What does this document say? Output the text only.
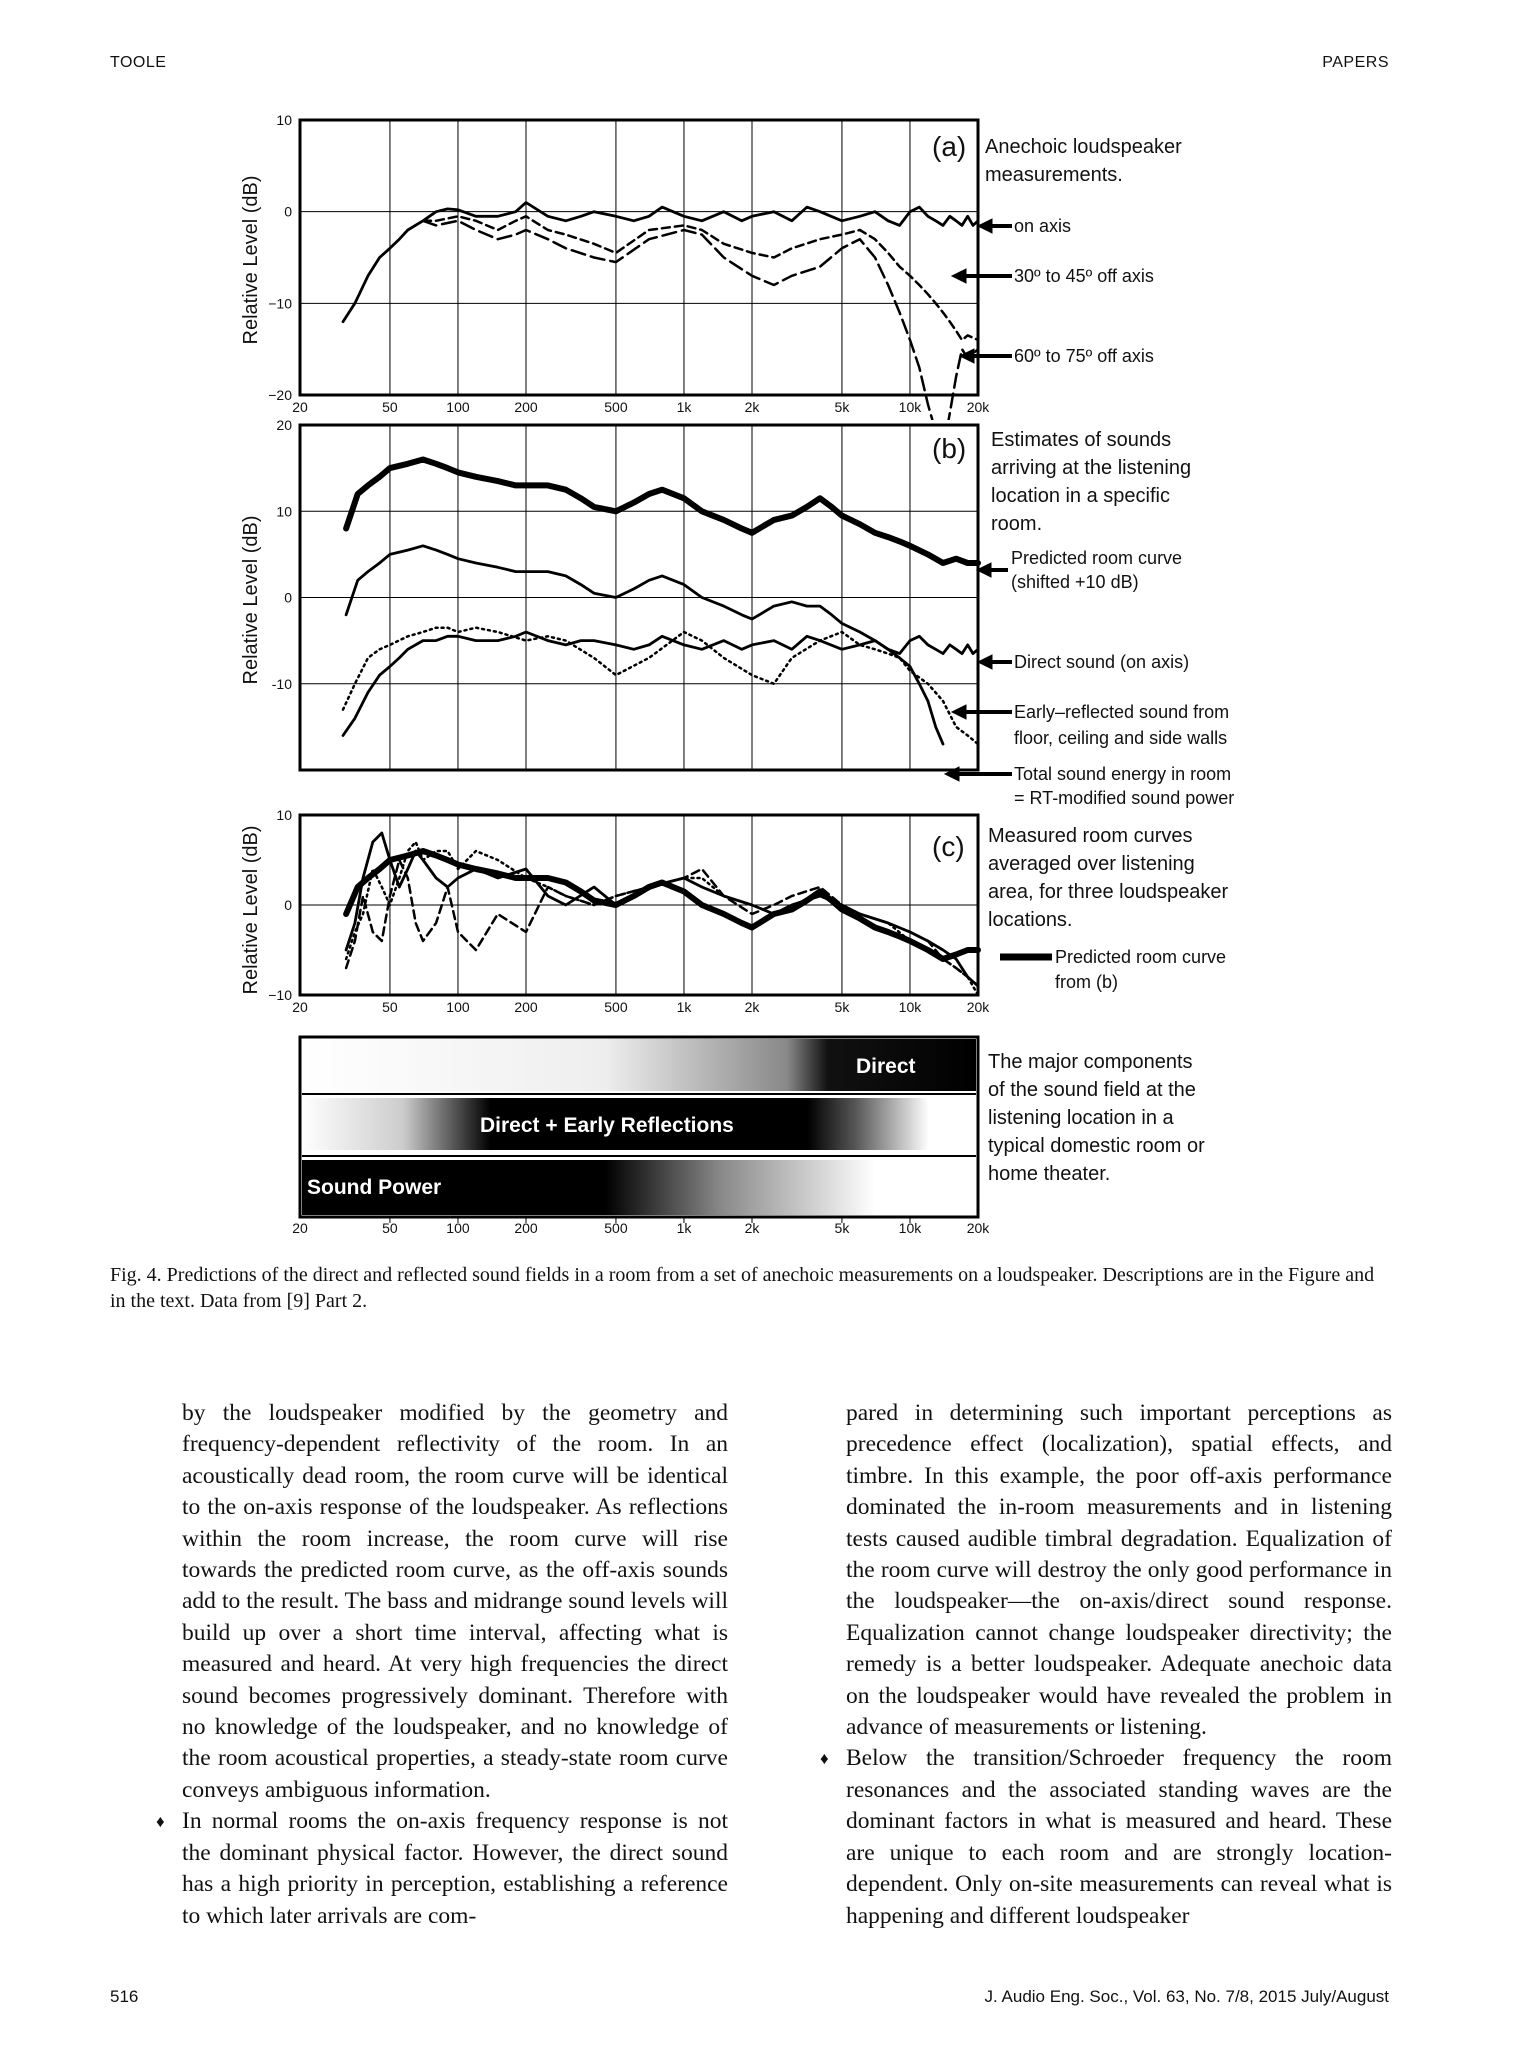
TOOLE	PAPERS
10
0
−10
−20
20	50	100	200	500	1k	2k	5k	10k	20k
20
10
0
-10
10
0
−10
20	50	100	200	500	1k	2k	5k	10k	20k
20	50	100	200	500	1k	2k	5k	10k	20k
Relative Level (dB)
Relative Level (dB)
Relative Level (dB)
(a)
(b)
(c)
Direct
Direct + Early Reflections
Sound Power
Anechoic loudspeaker
measurements.
on axis
30º to 45º off axis
60º to 75º off axis
Estimates of sounds
arriving at the listening
location in a specific
room.
Predicted room curve
(shifted +10 dB)
Direct sound (on axis)
Early–reflected sound from
floor, ceiling and side walls
Total sound energy in room
= RT-modified sound power
Measured room curves
averaged over listening
area, for three loudspeaker
locations.
Predicted room curve
from (b)
The major components
of the sound field at the
listening location in a
typical domestic room or
home theater.
Fig. 4. Predictions of the direct and reflected sound fields in a room from a set of anechoic measurements on a loudspeaker. Descriptions are in the Figure and in the text. Data from [9] Part 2.

by the loudspeaker modified by the geometry and frequency-dependent reflectivity of the room. In an acoustically dead room, the room curve will be identical to the on-axis response of the loudspeaker. As reflections within the room increase, the room curve will rise towards the predicted room curve, as the off-axis sounds add to the result. The bass and midrange sound levels will build up over a short time interval, affecting what is measured and heard. At very high frequencies the direct sound becomes progressively dominant. Therefore with no knowledge of the loudspeaker, and no knowledge of the room acoustical properties, a steady-state room curve conveys ambiguous information.

♦ In normal rooms the on-axis frequency response is not the dominant physical factor. However, the direct sound has a high priority in perception, establishing a reference to which later arrivals are com-

pared in determining such important perceptions as precedence effect (localization), spatial effects, and timbre. In this example, the poor off-axis performance dominated the in-room measurements and in listening tests caused audible timbral degradation. Equalization of the room curve will destroy the only good performance in the loudspeaker—the on-axis/direct sound response. Equalization cannot change loudspeaker directivity; the remedy is a better loudspeaker. Adequate anechoic data on the loudspeaker would have revealed the problem in advance of measurements or listening.

♦ Below the transition/Schroeder frequency the room resonances and the associated standing waves are the dominant factors in what is measured and heard. These are unique to each room and are strongly location-dependent. Only on-site measurements can reveal what is happening and different loudspeaker

516	J. Audio Eng. Soc., Vol. 63, No. 7/8, 2015 July/August
